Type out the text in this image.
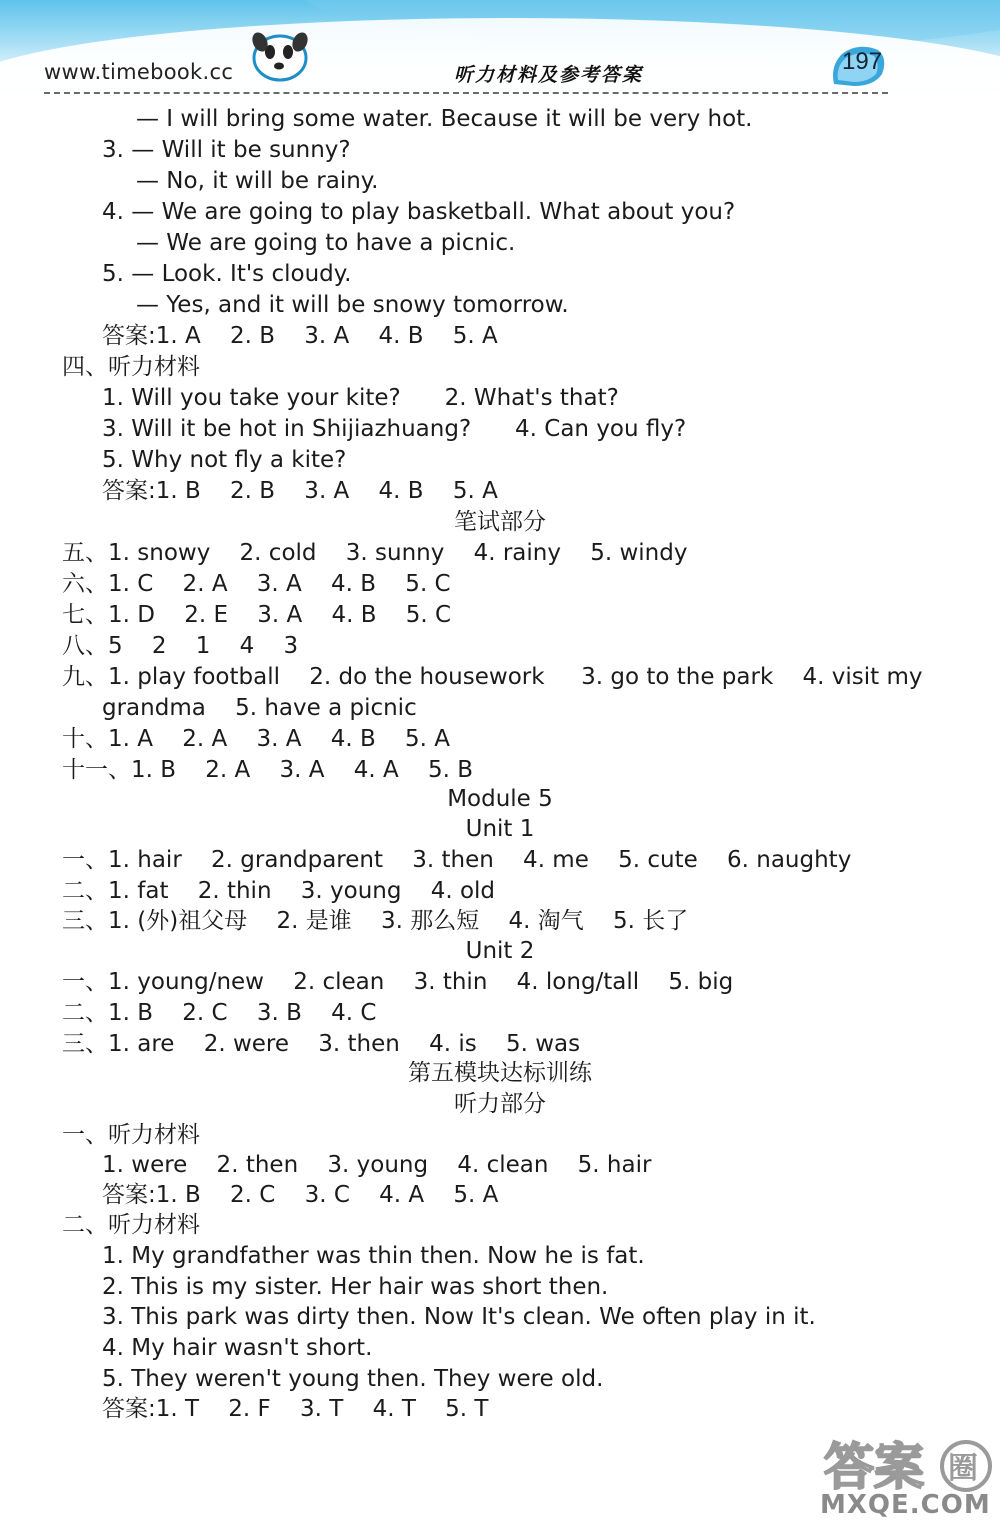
www.timebook.cc	听力材料及参考答案	197
— I will bring some water. Because it will be very hot.
3. — Will it be sunny?
— No, it will be rainy.
4. — We are going to play basketball. What about you?
— We are going to have a picnic.
5. — Look. It's cloudy.
— Yes, and it will be snowy tomorrow.
答案:1. A    2. B    3. A    4. B    5. A
四、听力材料
1. Will you take your kite?      2. What's that?
3. Will it be hot in Shijiazhuang?      4. Can you fly?
5. Why not fly a kite?
答案:1. B    2. B    3. A    4. B    5. A
笔试部分
五、1. snowy    2. cold    3. sunny    4. rainy    5. windy
六、1. C    2. A    3. A    4. B    5. C
七、1. D    2. E    3. A    4. B    5. C
八、5    2    1    4    3
九、1. play football    2. do the housework     3. go to the park    4. visit my
grandma    5. have a picnic
十、1. A    2. A    3. A    4. B    5. A
十一、1. B    2. A    3. A    4. A    5. B
Module 5
Unit 1
一、1. hair    2. grandparent    3. then    4. me    5. cute    6. naughty
二、1. fat    2. thin    3. young    4. old
三、1. (外)祖父母    2. 是谁    3. 那么短    4. 淘气    5. 长了
Unit 2
一、1. young/new    2. clean    3. thin    4. long/tall    5. big
二、1. B    2. C    3. B    4. C
三、1. are    2. were    3. then    4. is    5. was
第五模块达标训练
听力部分
一、听力材料
1. were    2. then    3. young    4. clean    5. hair
答案:1. B    2. C    3. C    4. A    5. A
二、听力材料
1. My grandfather was thin then. Now he is fat.
2. This is my sister. Her hair was short then.
3. This park was dirty then. Now It's clean. We often play in it.
4. My hair wasn't short.
5. They weren't young then. They were old.
答案:1. T    2. F    3. T    4. T    5. T
答案 圈
MXQE.COM
